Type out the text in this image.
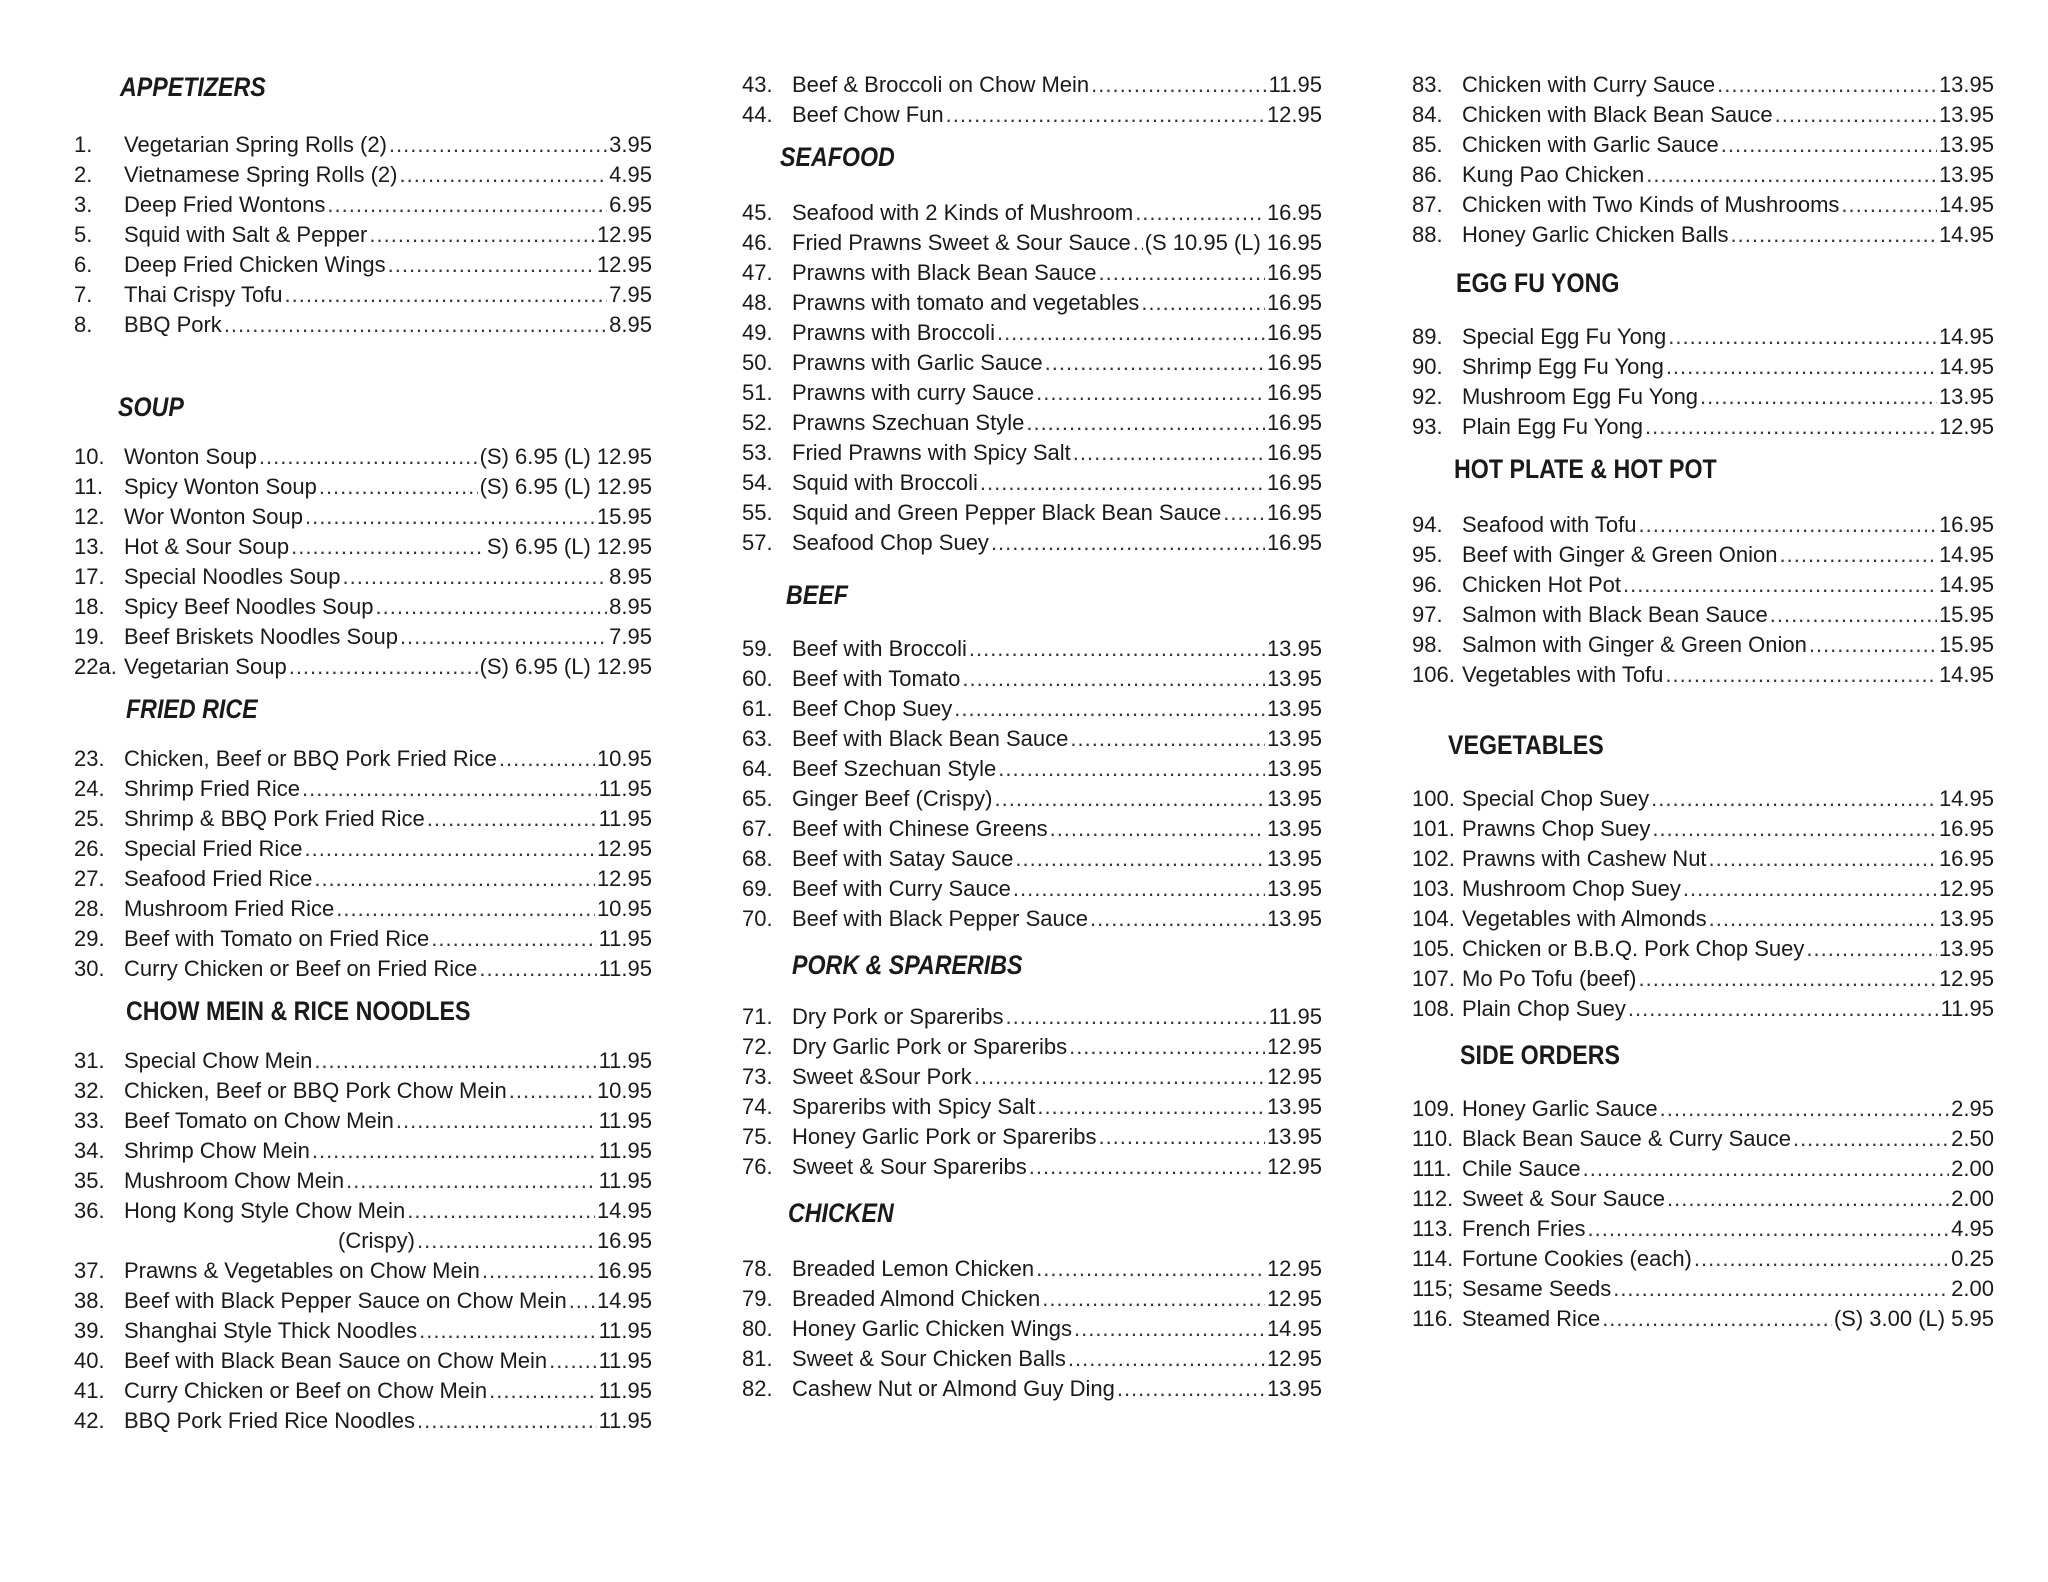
APPETIZERS
1.	Vegetarian Spring Rolls (2) .....	3.95
2.	Vietnamese Spring Rolls (2) .....	4.95
3.	Deep Fried Wontons .....	6.95
5.	Squid with Salt & Pepper .....	12.95
6.	Deep Fried Chicken Wings .....	12.95
7.	Thai Crispy Tofu .....	7.95
8.	BBQ Pork .....	8.95
SOUP
10. Wonton Soup .....	(S) 6.95 (L) 12.95
11. Spicy Wonton Soup .....	(S) 6.95 (L) 12.95
12. Wor Wonton Soup .....	15.95
13. Hot & Sour Soup .....	S) 6.95 (L) 12.95
17. Special Noodles Soup .....	8.95
18. Spicy Beef Noodles Soup .....	8.95
19. Beef Briskets Noodles Soup .....	7.95
22a. Vegetarian Soup .....	(S) 6.95 (L) 12.95
FRIED RICE
23. Chicken, Beef or BBQ Pork Fried Rice .....	10.95
24. Shrimp Fried Rice .....	11.95
25. Shrimp & BBQ Pork Fried Rice .....	11.95
26. Special Fried Rice .....	12.95
27. Seafood Fried Rice .....	12.95
28. Mushroom Fried Rice .....	10.95
29. Beef with Tomato on Fried Rice .....	11.95
30. Curry Chicken or Beef on Fried Rice .....	11.95
CHOW MEIN & RICE NOODLES
31. Special Chow Mein .....	11.95
32. Chicken, Beef or BBQ Pork Chow Mein .....	10.95
33. Beef Tomato on Chow Mein .....	11.95
34. Shrimp Chow Mein .....	11.95
35. Mushroom Chow Mein .....	11.95
36. Hong Kong Style Chow Mein .....	14.95
(Crispy) .....	16.95
37. Prawns & Vegetables on Chow Mein .....	16.95
38. Beef with Black Pepper Sauce on Chow Mein ..... 14.95
39. Shanghai Style Thick Noodles .....	11.95
40. Beef with Black Bean Sauce on Chow Mein ..... 11.95
41. Curry Chicken or Beef on Chow Mein .....	11.95
42. BBQ Pork Fried Rice Noodles .....	11.95
43. Beef & Broccoli on Chow Mein .....	11.95
44. Beef Chow Fun .....	12.95
SEAFOOD
45. Seafood with 2 Kinds of Mushroom .....	16.95
46. Fried Prawns Sweet & Sour Sauce ..... (S 10.95 (L) 16.95
47. Prawns with Black Bean Sauce .....	16.95
48. Prawns with tomato and vegetables .....	16.95
49. Prawns with Broccoli .....	16.95
50. Prawns with Garlic Sauce .....	16.95
51. Prawns with curry Sauce .....	16.95
52. Prawns Szechuan Style .....	16.95
53. Fried Prawns with Spicy Salt .....	16.95
54. Squid with Broccoli .....	16.95
55. Squid and Green Pepper Black Bean Sauce ..... 16.95
57. Seafood Chop Suey .....	16.95
BEEF
59. Beef with Broccoli .....	13.95
60. Beef with Tomato .....	13.95
61. Beef Chop Suey .....	13.95
63. Beef with Black Bean Sauce .....	13.95
64. Beef Szechuan Style .....	13.95
65. Ginger Beef (Crispy) .....	13.95
67. Beef with Chinese Greens .....	13.95
68. Beef with Satay Sauce .....	13.95
69. Beef with Curry Sauce .....	13.95
70. Beef with Black Pepper Sauce .....	13.95
PORK & SPARERIBS
71. Dry Pork or Spareribs .....	11.95
72. Dry Garlic Pork or Spareribs .....	12.95
73. Sweet &Sour Pork .....	12.95
74. Spareribs with Spicy Salt .....	13.95
75. Honey Garlic Pork or Spareribs .....	13.95
76. Sweet & Sour Spareribs .....	12.95
CHICKEN
78. Breaded Lemon Chicken .....	12.95
79. Breaded Almond Chicken .....	12.95
80. Honey Garlic Chicken Wings .....	14.95
81. Sweet & Sour Chicken Balls .....	12.95
82. Cashew Nut or Almond Guy Ding .....	13.95
83. Chicken with Curry Sauce .....	13.95
84. Chicken with Black Bean Sauce .....	13.95
85. Chicken with Garlic Sauce .....	13.95
86. Kung Pao Chicken .....	13.95
87. Chicken with Two Kinds of Mushrooms .....	14.95
88. Honey Garlic Chicken Balls .....	14.95
EGG FU YONG
89. Special Egg Fu Yong .....	14.95
90. Shrimp Egg Fu Yong .....	14.95
92. Mushroom Egg Fu Yong .....	13.95
93. Plain Egg Fu Yong .....	12.95
HOT PLATE & HOT POT
94. Seafood with Tofu .....	16.95
95. Beef with Ginger & Green Onion .....	14.95
96. Chicken Hot Pot .....	14.95
97. Salmon with Black Bean Sauce .....	15.95
98. Salmon with Ginger & Green Onion .....	15.95
106. Vegetables with Tofu .....	14.95
VEGETABLES
100. Special Chop Suey .....	14.95
101. Prawns Chop Suey .....	16.95
102. Prawns with Cashew Nut .....	16.95
103. Mushroom Chop Suey .....	12.95
104. Vegetables with Almonds .....	13.95
105. Chicken or B.B.Q. Pork Chop Suey .....	13.95
107. Mo Po Tofu (beef) .....	12.95
108. Plain Chop Suey .....	11.95
SIDE ORDERS
109. Honey Garlic Sauce .....	2.95
110. Black Bean Sauce & Curry Sauce .....	2.50
111. Chile Sauce .....	2.00
112. Sweet & Sour Sauce .....	2.00
113. French Fries .....	4.95
114. Fortune Cookies (each) .....	0.25
115; Sesame Seeds .....	2.00
116. Steamed Rice .....	(S) 3.00 (L) 5.95
